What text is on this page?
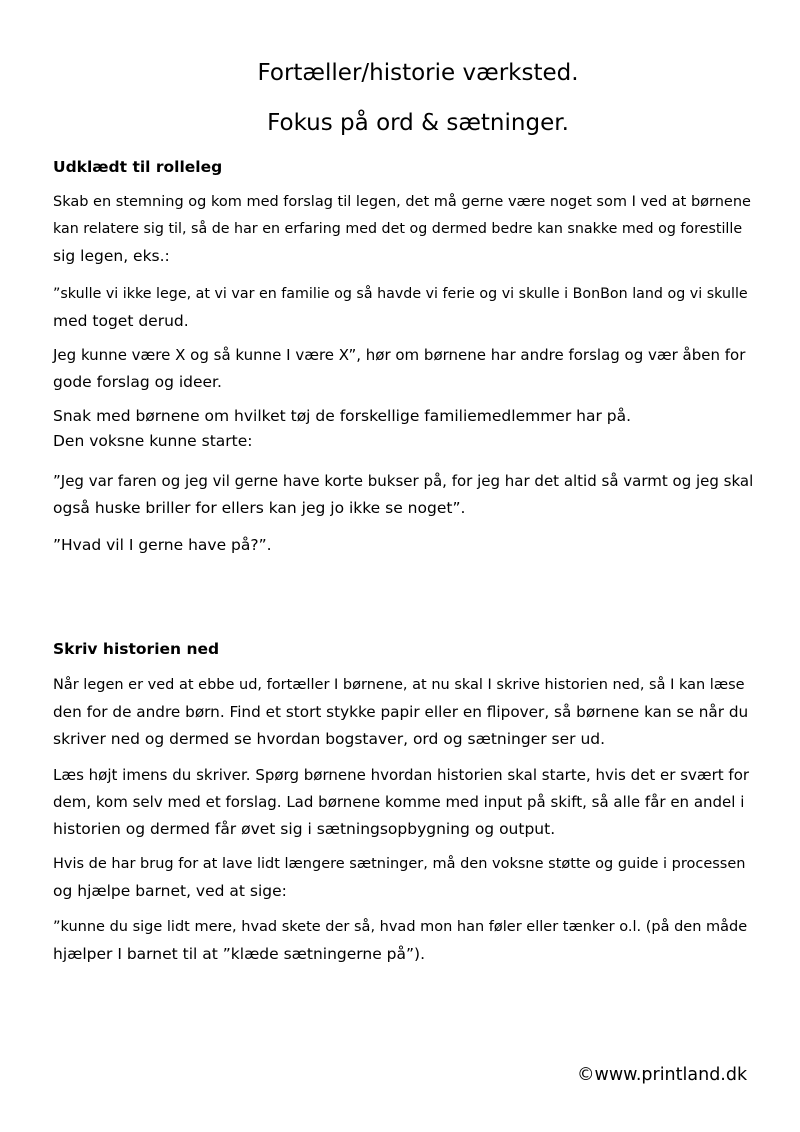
Fortæller/historie værksted.
Fokus på ord & sætninger.
Udklædt til rolleleg

Skab en stemning og kom med forslag til legen, det må gerne være noget som I ved at børnene
kan relatere sig til, så de har en erfaring med det og dermed bedre kan snakke med og forestille
sig legen, eks.:

”skulle vi ikke lege, at vi var en familie og så havde vi ferie og vi skulle i BonBon land og vi skulle
med toget derud.

Jeg kunne være X og så kunne I være X”, hør om børnene har andre forslag og vær åben for
gode forslag og ideer.

Snak med børnene om hvilket tøj de forskellige familiemedlemmer har på.
Den voksne kunne starte:

”Jeg var faren og jeg vil gerne have korte bukser på, for jeg har det altid så varmt og jeg skal
også huske briller for ellers kan jeg jo ikke se noget”.

”Hvad vil I gerne have på?”.

Skriv historien ned

Når legen er ved at ebbe ud, fortæller I børnene, at nu skal I skrive historien ned, så I kan læse
den for de andre børn. Find et stort stykke papir eller en flipover, så børnene kan se når du
skriver ned og dermed se hvordan bogstaver, ord og sætninger ser ud.

Læs højt imens du skriver. Spørg børnene hvordan historien skal starte, hvis det er svært for
dem, kom selv med et forslag. Lad børnene komme med input på skift, så alle får en andel i
historien og dermed får øvet sig i sætningsopbygning og output.

Hvis de har brug for at lave lidt længere sætninger, må den voksne støtte og guide i processen
og hjælpe barnet, ved at sige:

”kunne du sige lidt mere, hvad skete der så, hvad mon han føler eller tænker o.l. (på den måde
hjælper I barnet til at ”klæde sætningerne på”).

©www.printland.dk
